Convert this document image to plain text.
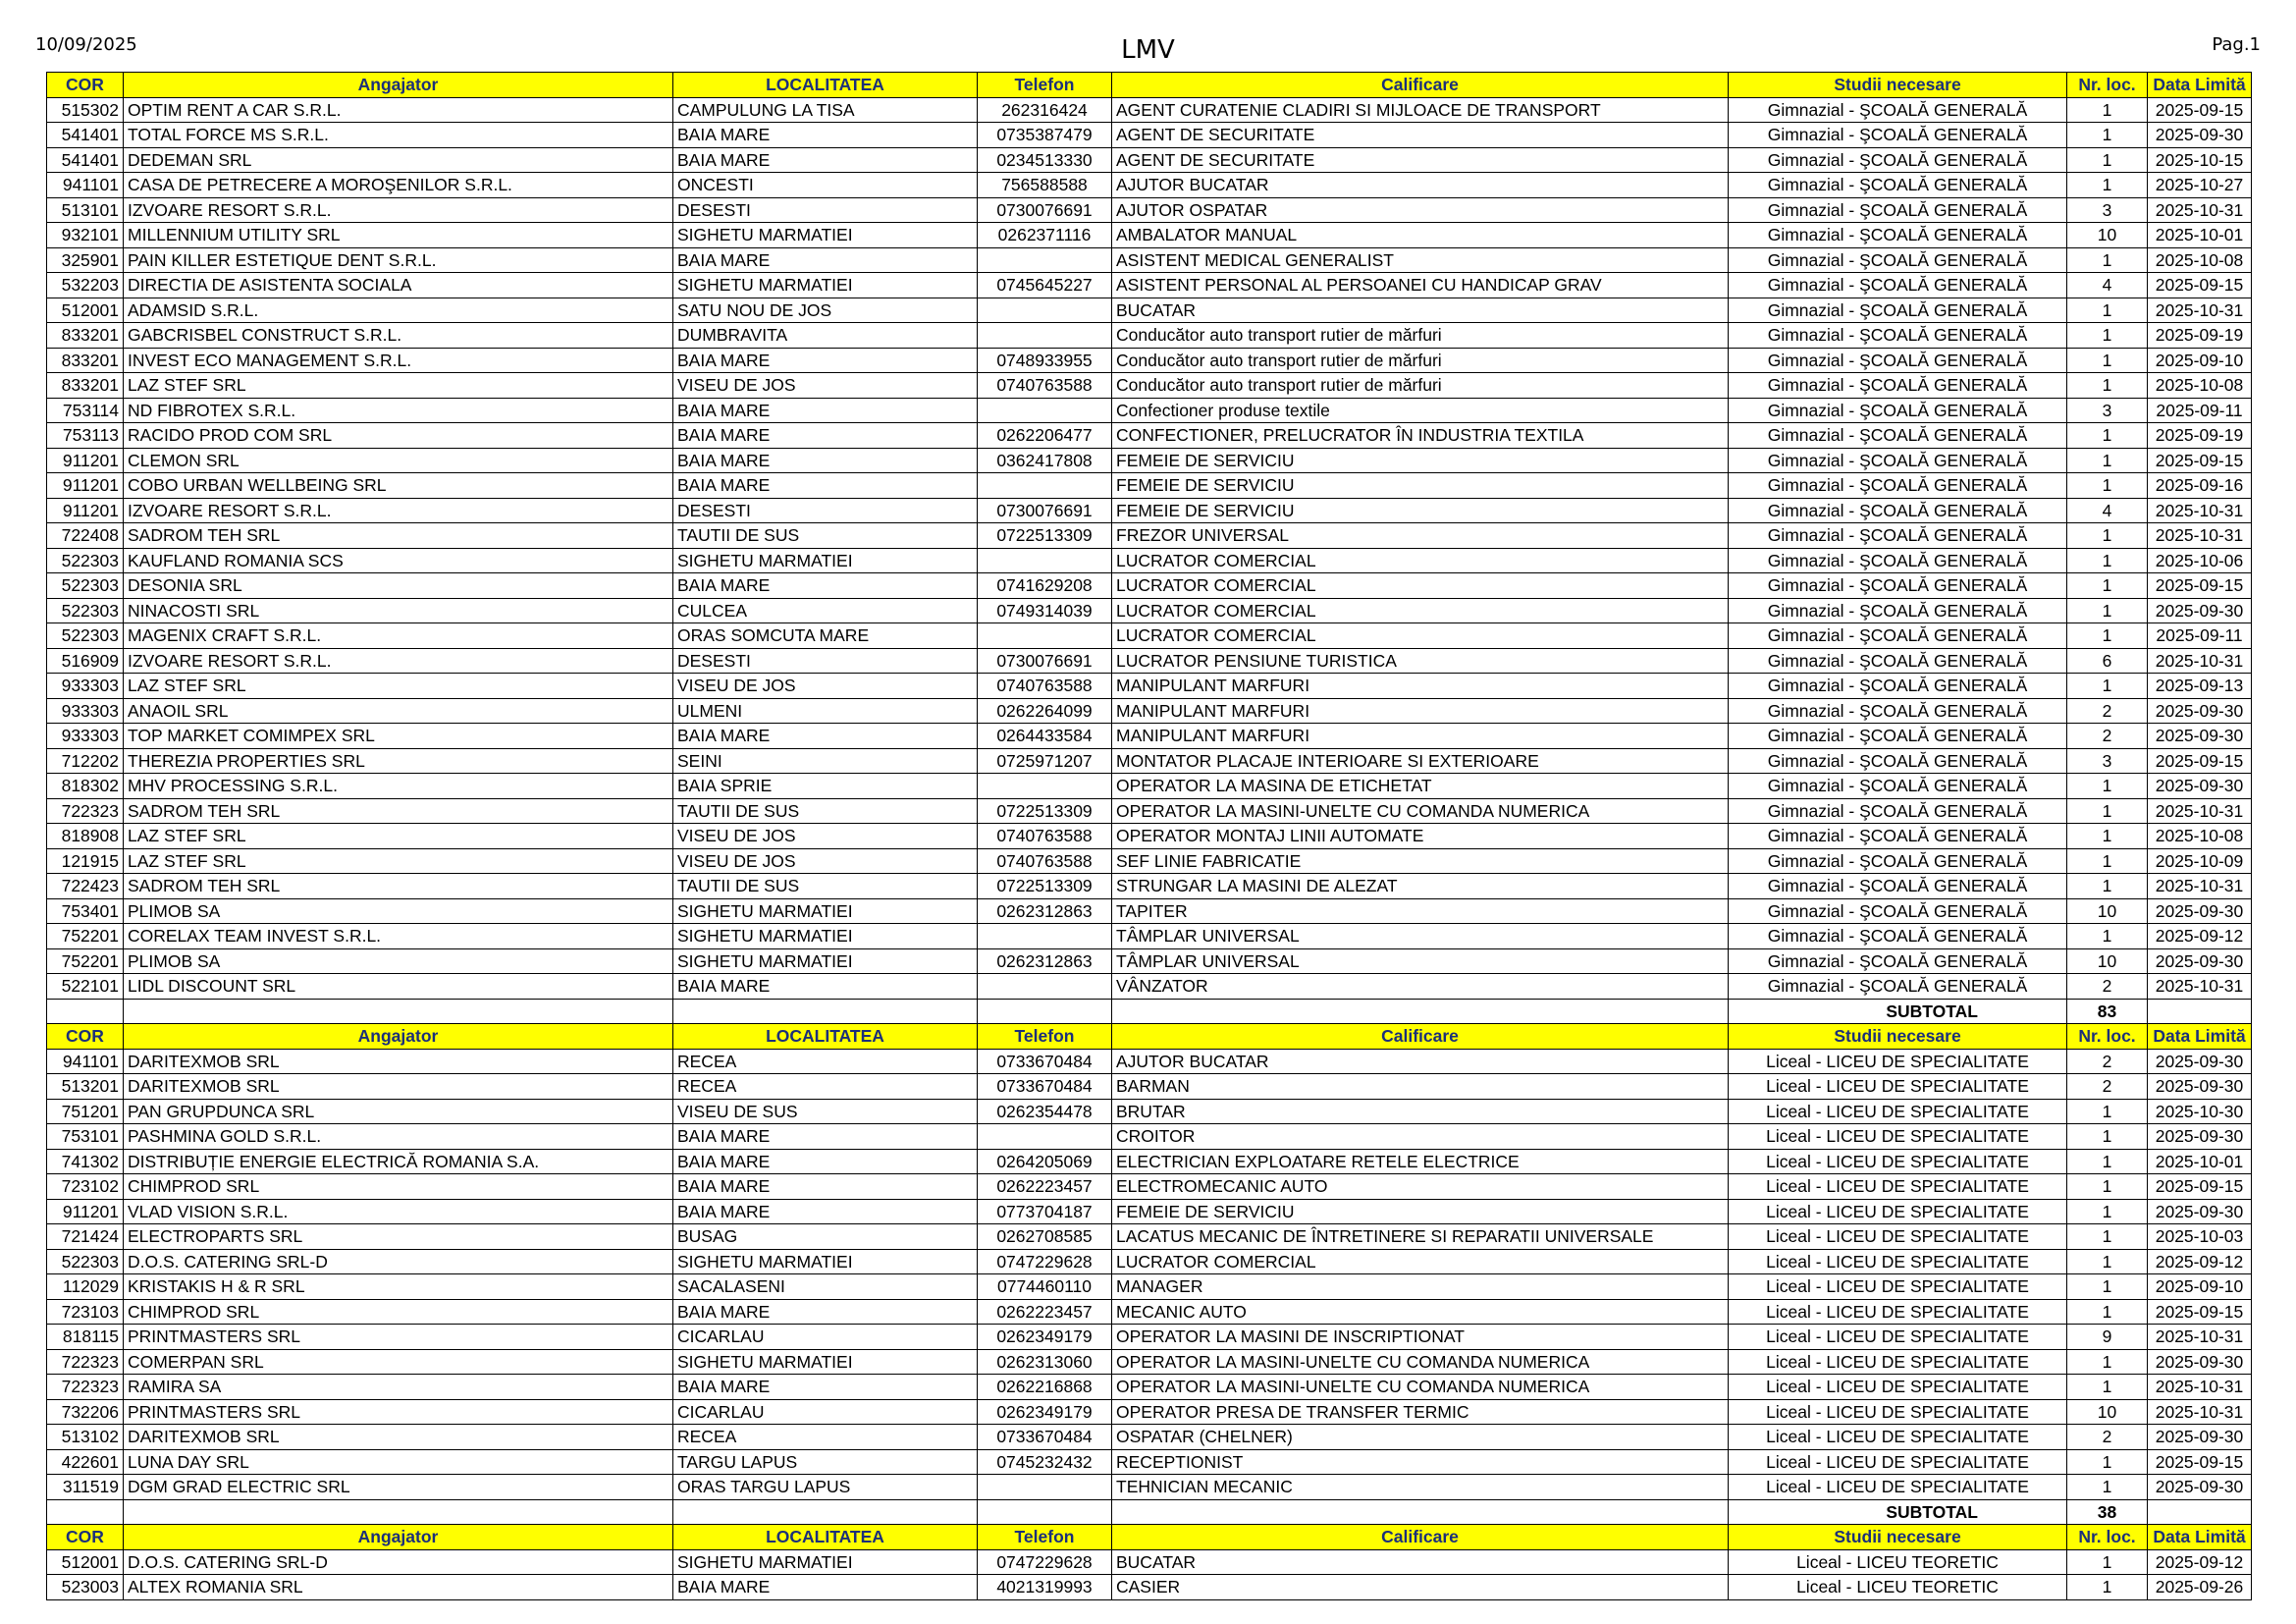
10/09/2025	LMV	Pag.1
COR	Angajator	LOCALITATEA	Telefon	Calificare	Studii necesare	Nr. loc.	Data Limită
515302	OPTIM RENT A CAR S.R.L.	CAMPULUNG LA TISA	262316424	AGENT CURATENIE CLADIRI SI MIJLOACE DE TRANSPORT	Gimnazial - ŞCOALĂ GENERALĂ	1	2025-09-15
541401	TOTAL FORCE MS S.R.L.	BAIA MARE	0735387479	AGENT DE SECURITATE	Gimnazial - ŞCOALĂ GENERALĂ	1	2025-09-30
541401	DEDEMAN SRL	BAIA MARE	0234513330	AGENT DE SECURITATE	Gimnazial - ŞCOALĂ GENERALĂ	1	2025-10-15
941101	CASA DE PETRECERE A MOROŞENILOR S.R.L.	ONCESTI	756588588	AJUTOR BUCATAR	Gimnazial - ŞCOALĂ GENERALĂ	1	2025-10-27
513101	IZVOARE RESORT S.R.L.	DESESTI	0730076691	AJUTOR OSPATAR	Gimnazial - ŞCOALĂ GENERALĂ	3	2025-10-31
932101	MILLENNIUM UTILITY SRL	SIGHETU MARMATIEI	0262371116	AMBALATOR MANUAL	Gimnazial - ŞCOALĂ GENERALĂ	10	2025-10-01
325901	PAIN KILLER ESTETIQUE DENT S.R.L.	BAIA MARE		ASISTENT MEDICAL GENERALIST	Gimnazial - ŞCOALĂ GENERALĂ	1	2025-10-08
532203	DIRECTIA DE ASISTENTA SOCIALA	SIGHETU MARMATIEI	0745645227	ASISTENT PERSONAL AL PERSOANEI CU HANDICAP GRAV	Gimnazial - ŞCOALĂ GENERALĂ	4	2025-09-15
512001	ADAMSID S.R.L.	SATU NOU DE JOS		BUCATAR	Gimnazial - ŞCOALĂ GENERALĂ	1	2025-10-31
833201	GABCRISBEL CONSTRUCT S.R.L.	DUMBRAVITA		Conducător auto transport rutier de mărfuri	Gimnazial - ŞCOALĂ GENERALĂ	1	2025-09-19
833201	INVEST ECO MANAGEMENT S.R.L.	BAIA MARE	0748933955	Conducător auto transport rutier de mărfuri	Gimnazial - ŞCOALĂ GENERALĂ	1	2025-09-10
833201	LAZ STEF SRL	VISEU DE JOS	0740763588	Conducător auto transport rutier de mărfuri	Gimnazial - ŞCOALĂ GENERALĂ	1	2025-10-08
753114	ND FIBROTEX S.R.L.	BAIA MARE		Confectioner produse textile	Gimnazial - ŞCOALĂ GENERALĂ	3	2025-09-11
753113	RACIDO PROD COM SRL	BAIA MARE	0262206477	CONFECTIONER, PRELUCRATOR ÎN INDUSTRIA TEXTILA	Gimnazial - ŞCOALĂ GENERALĂ	1	2025-09-19
911201	CLEMON SRL	BAIA MARE	0362417808	FEMEIE DE SERVICIU	Gimnazial - ŞCOALĂ GENERALĂ	1	2025-09-15
911201	COBO URBAN WELLBEING SRL	BAIA MARE		FEMEIE DE SERVICIU	Gimnazial - ŞCOALĂ GENERALĂ	1	2025-09-16
911201	IZVOARE RESORT S.R.L.	DESESTI	0730076691	FEMEIE DE SERVICIU	Gimnazial - ŞCOALĂ GENERALĂ	4	2025-10-31
722408	SADROM TEH SRL	TAUTII DE SUS	0722513309	FREZOR UNIVERSAL	Gimnazial - ŞCOALĂ GENERALĂ	1	2025-10-31
522303	KAUFLAND ROMANIA SCS	SIGHETU MARMATIEI		LUCRATOR COMERCIAL	Gimnazial - ŞCOALĂ GENERALĂ	1	2025-10-06
522303	DESONIA SRL	BAIA MARE	0741629208	LUCRATOR COMERCIAL	Gimnazial - ŞCOALĂ GENERALĂ	1	2025-09-15
522303	NINACOSTI SRL	CULCEA	0749314039	LUCRATOR COMERCIAL	Gimnazial - ŞCOALĂ GENERALĂ	1	2025-09-30
522303	MAGENIX CRAFT S.R.L.	ORAS SOMCUTA MARE		LUCRATOR COMERCIAL	Gimnazial - ŞCOALĂ GENERALĂ	1	2025-09-11
516909	IZVOARE RESORT S.R.L.	DESESTI	0730076691	LUCRATOR PENSIUNE TURISTICA	Gimnazial - ŞCOALĂ GENERALĂ	6	2025-10-31
933303	LAZ STEF SRL	VISEU DE JOS	0740763588	MANIPULANT MARFURI	Gimnazial - ŞCOALĂ GENERALĂ	1	2025-09-13
933303	ANAOIL SRL	ULMENI	0262264099	MANIPULANT MARFURI	Gimnazial - ŞCOALĂ GENERALĂ	2	2025-09-30
933303	TOP MARKET COMIMPEX SRL	BAIA MARE	0264433584	MANIPULANT MARFURI	Gimnazial - ŞCOALĂ GENERALĂ	2	2025-09-30
712202	THEREZIA PROPERTIES SRL	SEINI	0725971207	MONTATOR PLACAJE INTERIOARE SI EXTERIOARE	Gimnazial - ŞCOALĂ GENERALĂ	3	2025-09-15
818302	MHV PROCESSING S.R.L.	BAIA SPRIE		OPERATOR LA MASINA DE ETICHETAT	Gimnazial - ŞCOALĂ GENERALĂ	1	2025-09-30
722323	SADROM TEH SRL	TAUTII DE SUS	0722513309	OPERATOR LA MASINI-UNELTE CU COMANDA NUMERICA	Gimnazial - ŞCOALĂ GENERALĂ	1	2025-10-31
818908	LAZ STEF SRL	VISEU DE JOS	0740763588	OPERATOR MONTAJ LINII AUTOMATE	Gimnazial - ŞCOALĂ GENERALĂ	1	2025-10-08
121915	LAZ STEF SRL	VISEU DE JOS	0740763588	SEF LINIE FABRICATIE	Gimnazial - ŞCOALĂ GENERALĂ	1	2025-10-09
722423	SADROM TEH SRL	TAUTII DE SUS	0722513309	STRUNGAR LA MASINI DE ALEZAT	Gimnazial - ŞCOALĂ GENERALĂ	1	2025-10-31
753401	PLIMOB SA	SIGHETU MARMATIEI	0262312863	TAPITER	Gimnazial - ŞCOALĂ GENERALĂ	10	2025-09-30
752201	CORELAX TEAM INVEST S.R.L.	SIGHETU MARMATIEI		TÂMPLAR UNIVERSAL	Gimnazial - ŞCOALĂ GENERALĂ	1	2025-09-12
752201	PLIMOB SA	SIGHETU MARMATIEI	0262312863	TÂMPLAR UNIVERSAL	Gimnazial - ŞCOALĂ GENERALĂ	10	2025-09-30
522101	LIDL DISCOUNT SRL	BAIA MARE		VÂNZATOR	Gimnazial - ŞCOALĂ GENERALĂ	2	2025-10-31
					SUBTOTAL	83	
COR	Angajator	LOCALITATEA	Telefon	Calificare	Studii necesare	Nr. loc.	Data Limită
941101	DARITEXMOB SRL	RECEA	0733670484	AJUTOR BUCATAR	Liceal - LICEU DE SPECIALITATE	2	2025-09-30
513201	DARITEXMOB SRL	RECEA	0733670484	BARMAN	Liceal - LICEU DE SPECIALITATE	2	2025-09-30
751201	PAN GRUPDUNCA SRL	VISEU DE SUS	0262354478	BRUTAR	Liceal - LICEU DE SPECIALITATE	1	2025-10-30
753101	PASHMINA GOLD S.R.L.	BAIA MARE		CROITOR	Liceal - LICEU DE SPECIALITATE	1	2025-09-30
741302	DISTRIBUȚIE ENERGIE ELECTRICĂ ROMANIA S.A.	BAIA MARE	0264205069	ELECTRICIAN EXPLOATARE RETELE ELECTRICE	Liceal - LICEU DE SPECIALITATE	1	2025-10-01
723102	CHIMPROD SRL	BAIA MARE	0262223457	ELECTROMECANIC AUTO	Liceal - LICEU DE SPECIALITATE	1	2025-09-15
911201	VLAD VISION S.R.L.	BAIA MARE	0773704187	FEMEIE DE SERVICIU	Liceal - LICEU DE SPECIALITATE	1	2025-09-30
721424	ELECTROPARTS SRL	BUSAG	0262708585	LACATUS MECANIC DE ÎNTRETINERE SI REPARATII UNIVERSALE	Liceal - LICEU DE SPECIALITATE	1	2025-10-03
522303	D.O.S. CATERING SRL-D	SIGHETU MARMATIEI	0747229628	LUCRATOR COMERCIAL	Liceal - LICEU DE SPECIALITATE	1	2025-09-12
112029	KRISTAKIS H & R SRL	SACALASENI	0774460110	MANAGER	Liceal - LICEU DE SPECIALITATE	1	2025-09-10
723103	CHIMPROD SRL	BAIA MARE	0262223457	MECANIC AUTO	Liceal - LICEU DE SPECIALITATE	1	2025-09-15
818115	PRINTMASTERS SRL	CICARLAU	0262349179	OPERATOR LA MASINI DE INSCRIPTIONAT	Liceal - LICEU DE SPECIALITATE	9	2025-10-31
722323	COMERPAN SRL	SIGHETU MARMATIEI	0262313060	OPERATOR LA MASINI-UNELTE CU COMANDA NUMERICA	Liceal - LICEU DE SPECIALITATE	1	2025-09-30
722323	RAMIRA SA	BAIA MARE	0262216868	OPERATOR LA MASINI-UNELTE CU COMANDA NUMERICA	Liceal - LICEU DE SPECIALITATE	1	2025-10-31
732206	PRINTMASTERS SRL	CICARLAU	0262349179	OPERATOR PRESA DE TRANSFER TERMIC	Liceal - LICEU DE SPECIALITATE	10	2025-10-31
513102	DARITEXMOB SRL	RECEA	0733670484	OSPATAR (CHELNER)	Liceal - LICEU DE SPECIALITATE	2	2025-09-30
422601	LUNA DAY SRL	TARGU LAPUS	0745232432	RECEPTIONIST	Liceal - LICEU DE SPECIALITATE	1	2025-09-15
311519	DGM GRAD ELECTRIC SRL	ORAS TARGU LAPUS		TEHNICIAN MECANIC	Liceal - LICEU DE SPECIALITATE	1	2025-09-30
					SUBTOTAL	38	
COR	Angajator	LOCALITATEA	Telefon	Calificare	Studii necesare	Nr. loc.	Data Limită
512001	D.O.S. CATERING SRL-D	SIGHETU MARMATIEI	0747229628	BUCATAR	Liceal - LICEU TEORETIC	1	2025-09-12
523003	ALTEX ROMANIA SRL	BAIA MARE	4021319993	CASIER	Liceal - LICEU TEORETIC	1	2025-09-26
